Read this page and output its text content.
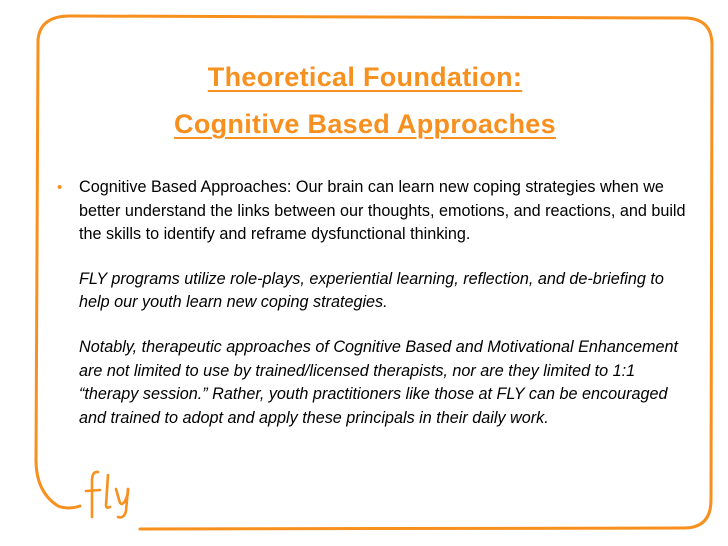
Theoretical Foundation:
Cognitive Based Approaches

• Cognitive Based Approaches: Our brain can learn new coping strategies when we better understand the links between our thoughts, emotions, and reactions, and build the skills to identify and reframe dysfunctional thinking.

FLY programs utilize role-plays, experiential learning, reflection, and de-briefing to help our youth learn new coping strategies.

Notably, therapeutic approaches of Cognitive Based and Motivational Enhancement are not limited to use by trained/licensed therapists, nor are they limited to 1:1 “therapy session.” Rather, youth practitioners like those at FLY can be encouraged and trained to adopt and apply these principals in their daily work.
